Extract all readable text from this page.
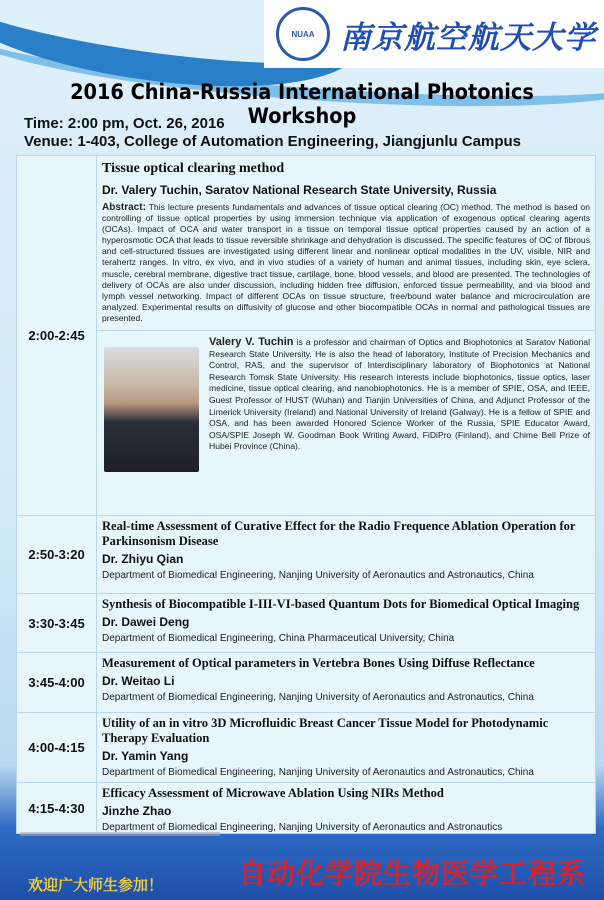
NUAA 南京航空航天大学
2016 China-Russia International Photonics Workshop
Time: 2:00 pm, Oct. 26, 2016
Venue: 1-403, College of Automation Engineering, Jiangjunlu Campus
2:00-2:45
Tissue optical clearing method
Dr. Valery Tuchin, Saratov National Research State University, Russia
Abstract: This lecture presents fundamentals and advances of tissue optical clearing (OC) method. The method is based on controlling of tissue optical properties by using immersion technique via application of exogenous optical clearing agents (OCAs). Impact of OCA and water transport in a tissue on temporal tissue optical properties caused by an action of a hyperosmotic OCA that leads to tissue reversible shrinkage and dehydration is discussed. The specific features of OC of fibrous and cell-structured tissues are investigated using different linear and nonlinear optical modalities in the UV, visible, NIR and terahertz ranges. In vitro, ex vivo, and in vivo studies of a variety of human and animal tissues, including skin, eye sclera, muscle, cerebral membrane, digestive tract tissue, cartilage, bone, blood vessels, and blood are presented. The technologies of delivery of OCAs are also under discussion, including hidden free diffusion, enforced tissue permeability, and via blood and lymph vessel networking. Impact of different OCAs on tissue structure, free/bound water balance and microcirculation are analyzed. Experimental results on diffusivity of glucose and other biocompatible OCAs in normal and pathological tissues are presented.
Valery V. Tuchin is a professor and chairman of Optics and Biophotonics at Saratov National Research State University. He is also the head of laboratory, Institute of Precision Mechanics and Control, RAS, and the supervisor of Interdisciplinary laboratory of Biophotonics at National Research Tomsk State University. His research interests include biophotonics, tissue optics, laser medicine, tissue optical clearing, and nanobiophotonics. He is a member of SPIE, OSA, and IEEE, Guest Professor of HUST (Wuhan) and Tianjin Universities of China, and Adjunct Professor of the Limerick University (Ireland) and National University of Ireland (Galway). He is a fellow of SPIE and OSA, and has been awarded Honored Science Worker of the Russia, SPIE Educator Award, OSA/SPIE Joseph W. Goodman Book Writing Award, FiDiPro (Finland), and Chime Bell Prize of Hubei Province (China).
2:50-3:20
Real-time Assessment of Curative Effect for the Radio Frequence Ablation Operation for Parkinsonism Disease
Dr. Zhiyu Qian
Department of Biomedical Engineering, Nanjing University of Aeronautics and Astronautics, China
3:30-3:45
Synthesis of Biocompatible I-III-VI-based Quantum Dots for Biomedical Optical Imaging
Dr. Dawei Deng
Department of Biomedical Engineering, China Pharmaceutical University, China
3:45-4:00
Measurement of Optical parameters in Vertebra Bones Using Diffuse Reflectance
Dr. Weitao Li
Department of Biomedical Engineering, Nanjing University of Aeronautics and Astronautics, China
4:00-4:15
Utility of an in vitro 3D Microfluidic Breast Cancer Tissue Model for Photodynamic Therapy Evaluation
Dr. Yamin Yang
Department of Biomedical Engineering, Nanjing University of Aeronautics and Astronautics, China
4:15-4:30
Efficacy Assessment of Microwave Ablation Using NIRs Method
Jinzhe Zhao
Department of Biomedical Engineering, Nanjing University of Aeronautics and Astronautics
自动化学院生物医学工程系
欢迎广大师生参加！
